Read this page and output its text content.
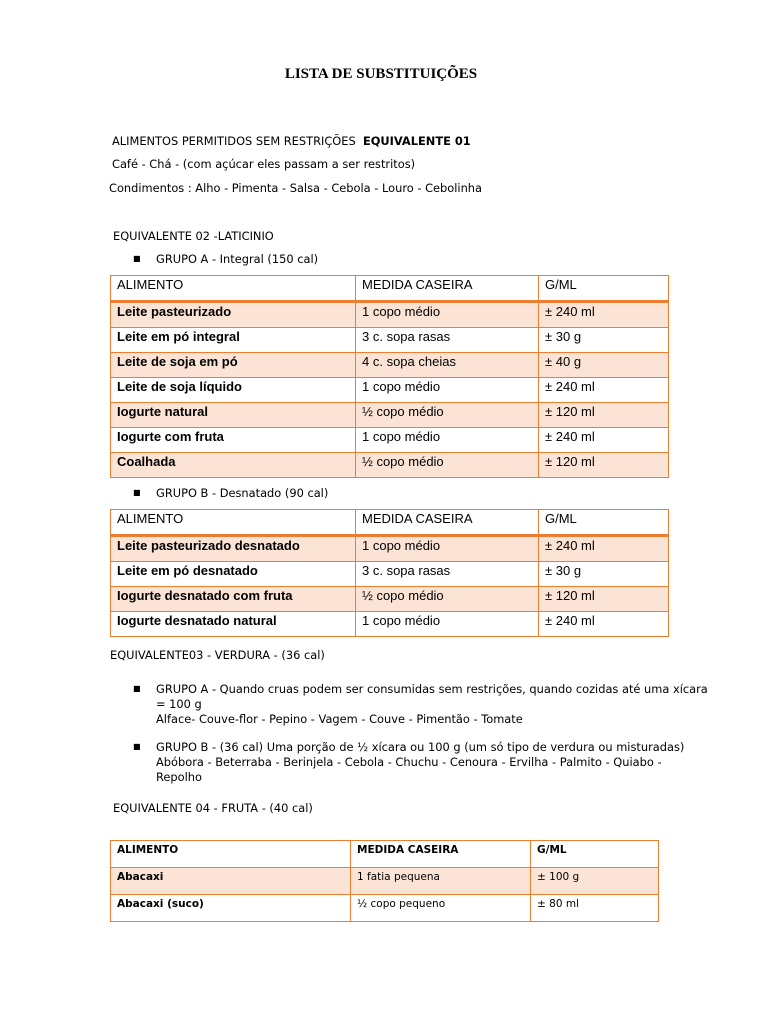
LISTA DE SUBSTITUIÇÕES
ALIMENTOS PERMITIDOS SEM RESTRIÇÕES EQUIVALENTE 01
Café - Chá - (com açúcar eles passam a ser restritos)
Condimentos : Alho - Pimenta - Salsa - Cebola - Louro - Cebolinha
EQUIVALENTE 02 -LATICINIO
■ GRUPO A - Integral (150 cal)
ALIMENTO	MEDIDA CASEIRA	G/ML
Leite pasteurizado	1 copo médio	± 240 ml
Leite em pó integral	3 c. sopa rasas	± 30 g
Leite de soja em pó	4 c. sopa cheias	± 40 g
Leite de soja líquido	1 copo médio	± 240 ml
Iogurte natural	½ copo médio	± 120 ml
Iogurte com fruta	1 copo médio	± 240 ml
Coalhada	½ copo médio	± 120 ml
■ GRUPO B - Desnatado (90 cal)
ALIMENTO	MEDIDA CASEIRA	G/ML
Leite pasteurizado desnatado	1 copo médio	± 240 ml
Leite em pó desnatado	3 c. sopa rasas	± 30 g
Iogurte desnatado com fruta	½ copo médio	± 120 ml
Iogurte desnatado natural	1 copo médio	± 240 ml
EQUIVALENTE03 - VERDURA - (36 cal)
■ GRUPO A - Quando cruas podem ser consumidas sem restrições, quando cozidas até uma xícara
= 100 g
Alface- Couve-flor - Pepino - Vagem - Couve - Pimentão - Tomate
■ GRUPO B - (36 cal) Uma porção de ½ xícara ou 100 g (um só tipo de verdura ou misturadas)
Abóbora - Beterraba - Berinjela - Cebola - Chuchu - Cenoura - Ervilha - Palmito - Quiabo -
Repolho
EQUIVALENTE 04 - FRUTA - (40 cal)
ALIMENTO	MEDIDA CASEIRA	G/ML
Abacaxi	1 fatia pequena	± 100 g
Abacaxi (suco)	½ copo pequeno	± 80 ml
